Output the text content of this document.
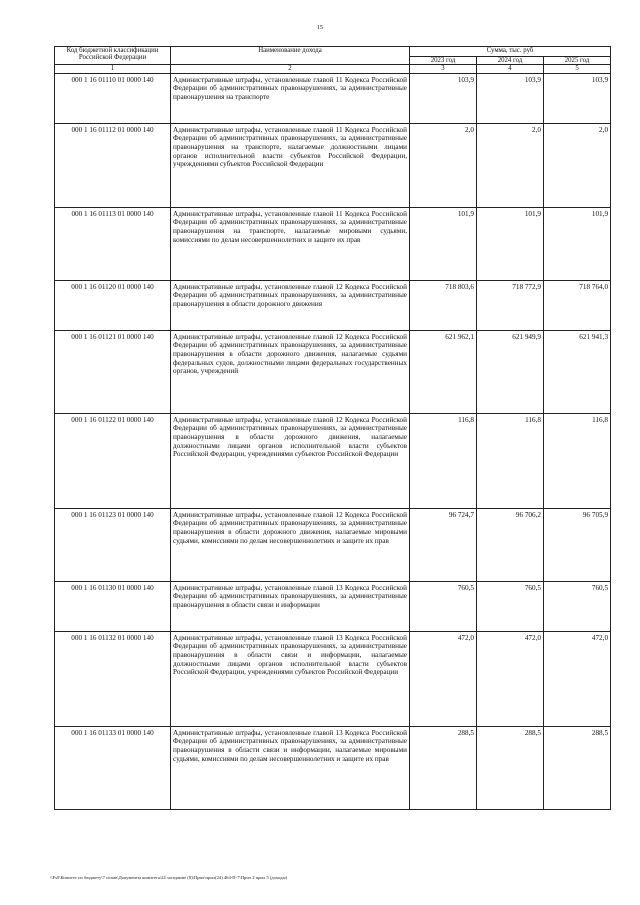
15
Код бюджетной классификации Российской Федерации	Наименование дохода	Сумма, тыс. руб		
		2023 год	2024 год	2025 год
1	2	3	4	5
000 1 16 01110 01 0000 140	Административные штрафы, установленные главой 11 Кодекса Российской Федерации об административных правонарушениях, за административные правонарушения на транспорте	103,9	103,9	103,9
000 1 16 01112 01 0000 140	Административные штрафы, установленные главой 11 Кодекса Российской Федерации об административных правонарушениях, за административные правонарушения на транспорте, налагаемые должностными лицами органов исполнительной власти субъектов Российской Федерации, учреждениями субъектов Российской Федерации	2,0	2,0	2,0
000 1 16 01113 01 0000 140	Административные штрафы, установленные главой 11 Кодекса Российской Федерации об административных правонарушениях, за административные правонарушения на транспорте, налагаемые мировыми судьями, комиссиями по делам несовершеннолетних и защите их прав	101,9	101,9	101,9
000 1 16 01120 01 0000 140	Административные штрафы, установленные главой 12 Кодекса Российской Федерации об административных правонарушениях, за административные правонарушения в области дорожного движения	718 803,6	718 772,9	718 764,0
000 1 16 01121 01 0000 140	Административные штрафы, установленные главой 12 Кодекса Российской Федерации об административных правонарушениях, за административные правонарушения в области дорожного движения, налагаемые судьями федеральных судов, должностными лицами федеральных государственных органов, учреждений	621 962,1	621 949,9	621 941,3
000 1 16 01122 01 0000 140	Административные штрафы, установленные главой 12 Кодекса Российской Федерации об административных правонарушениях, за административные правонарушения в области дорожного движения, налагаемые должностными лицами органов исполнительной власти субъектов Российской Федерации, учреждениями субъектов Российской Федерации	116,8	116,8	116,8
000 1 16 01123 01 0000 140	Административные штрафы, установленные главой 12 Кодекса Российской Федерации об административных правонарушениях, за административные правонарушения в области дорожного движения, налагаемые мировыми судьями, комиссиями по делам несовершеннолетних и защите их прав	96 724,7	96 706,2	96 705,9
000 1 16 01130 01 0000 140	Административные штрафы, установленные главой 13 Кодекса Российской Федерации об административных правонарушениях, за административные правонарушения в области связи и информации	760,5	760,5	760,5
000 1 16 01132 01 0000 140	Административные штрафы, установленные главой 13 Кодекса Российской Федерации об административных правонарушениях, за административные правонарушения в области связи и информации, налагаемые должностными лицами органов исполнительной власти субъектов Российской Федерации, учреждениями субъектов Российской Федерации	472,0	472,0	472,0
000 1 16 01133 01 0000 140	Административные штрафы, установленные главой 13 Кодекса Российской Федерации об административных правонарушениях, за административные правонарушения в области связи и информации, налагаемые мировыми судьями, комиссиями по делам несовершеннолетних и защите их прав	288,5	288,5	288,5
\\Fs0\Комитет по бюджету\7 созыв\Документы комитета\24 заседание (8)\Прил\прил(24) 464-П-7\Прил 2 прил 5 (доходы)
